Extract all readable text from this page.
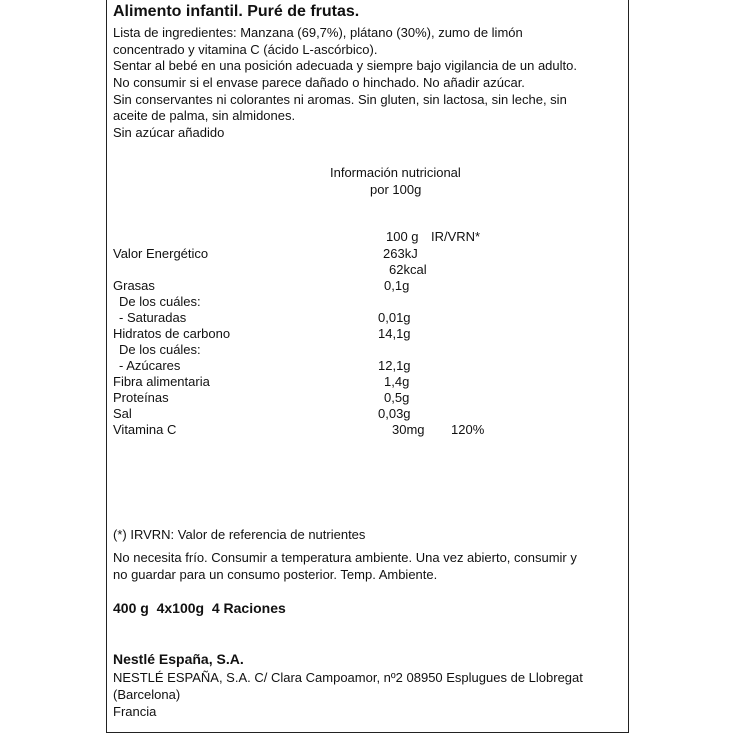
Alimento infantil. Puré de frutas.
Lista de ingredientes: Manzana (69,7%), plátano (30%), zumo de limón
concentrado y vitamina C (ácido L-ascórbico).
Sentar al bebé en una posición adecuada y siempre bajo vigilancia de un adulto.
No consumir si el envase parece dañado o hinchado. No añadir azúcar.
Sin conservantes ni colorantes ni aromas. Sin gluten, sin lactosa, sin leche, sin
aceite de palma, sin almidones.
Sin azúcar añadido
Información nutricional
por 100g
100 g IR/VRN*
Valor Energético	263kJ
62kcal
Grasas	0,1g
De los cuáles:
- Saturadas	0,01g
Hidratos de carbono	14,1g
De los cuáles:
- Azúcares	12,1g
Fibra alimentaria	1,4g
Proteínas	0,5g
Sal	0,03g
Vitamina C	30mg 120%
(*) IRVRN: Valor de referencia de nutrientes
No necesita frío. Consumir a temperatura ambiente. Una vez abierto, consumir y
no guardar para un consumo posterior. Temp. Ambiente.
400 g  4x100g  4 Raciones
Nestlé España, S.A.
NESTLÉ ESPAÑA, S.A. C/ Clara Campoamor, nº2 08950 Esplugues de Llobregat
(Barcelona)
Francia
